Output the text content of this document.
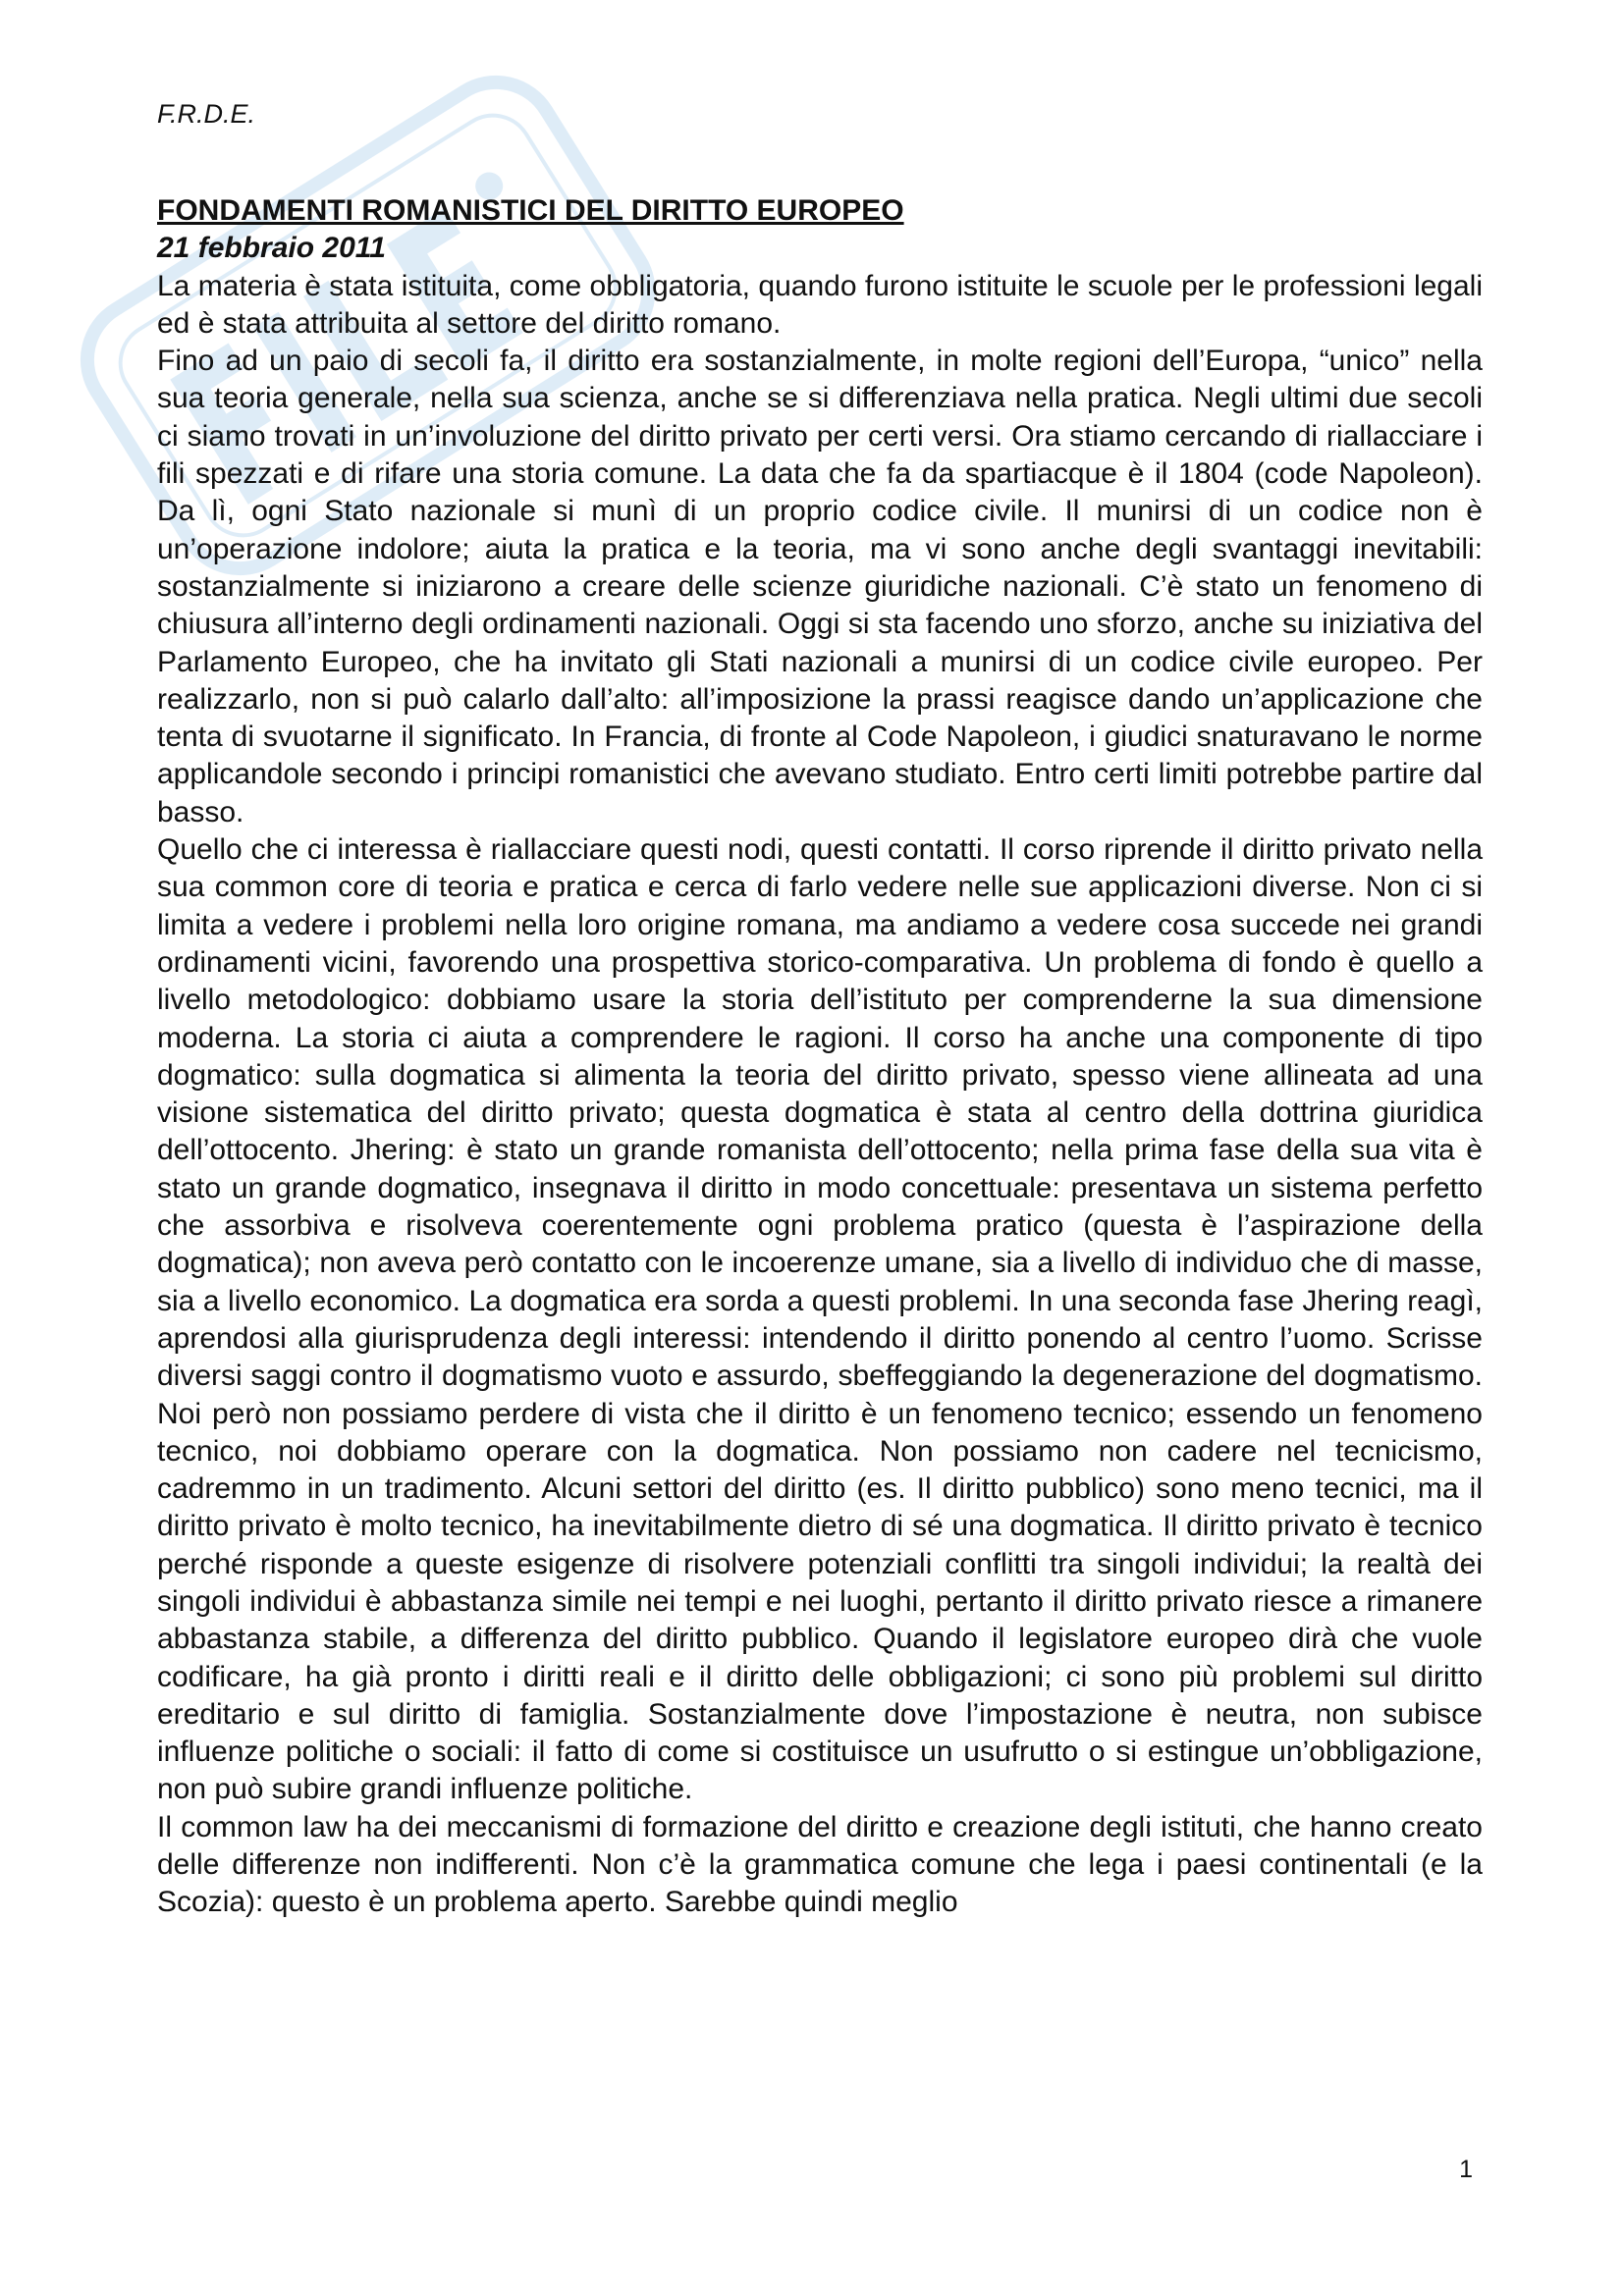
F.R.D.E.

FONDAMENTI ROMANISTICI DEL DIRITTO EUROPEO

21 febbraio 2011

La materia è stata istituita, come obbligatoria, quando furono istituite le scuole per le professioni legali ed è stata attribuita al settore del diritto romano.

Fino ad un paio di secoli fa, il diritto era sostanzialmente, in molte regioni dell’Europa, “unico” nella sua teoria generale, nella sua scienza, anche se si differenziava nella pratica. Negli ultimi due secoli ci siamo trovati in un’involuzione del diritto privato per certi versi. Ora stiamo cercando di riallacciare i fili spezzati e di rifare una storia comune. La data che fa da spartiacque è il 1804 (code Napoleon). Da lì, ogni Stato nazionale si munì di un proprio codice civile. Il munirsi di un codice non è un’operazione indolore; aiuta la pratica e la teoria, ma vi sono anche degli svantaggi inevitabili: sostanzialmente si iniziarono a creare delle scienze giuridiche nazionali. C’è stato un fenomeno di chiusura all’interno degli ordinamenti nazionali. Oggi si sta facendo uno sforzo, anche su iniziativa del Parlamento Europeo, che ha invitato gli Stati nazionali a munirsi di un codice civile europeo. Per realizzarlo, non si può calarlo dall’alto: all’imposizione la prassi reagisce dando un’applicazione che tenta di svuotarne il significato. In Francia, di fronte al Code Napoleon, i giudici snaturavano le norme applicandole secondo i principi romanistici che avevano studiato. Entro certi limiti potrebbe partire dal basso.

Quello che ci interessa è riallacciare questi nodi, questi contatti. Il corso riprende il diritto privato nella sua common core di teoria e pratica e cerca di farlo vedere nelle sue applicazioni diverse. Non ci si limita a vedere i problemi nella loro origine romana, ma andiamo a vedere cosa succede nei grandi ordinamenti vicini, favorendo una prospettiva storico-comparativa. Un problema di fondo è quello a livello metodologico: dobbiamo usare la storia dell’istituto per comprenderne la sua dimensione moderna. La storia ci aiuta a comprendere le ragioni. Il corso ha anche una componente di tipo dogmatico: sulla dogmatica si alimenta la teoria del diritto privato, spesso viene allineata ad una visione sistematica del diritto privato; questa dogmatica è stata al centro della dottrina giuridica dell’ottocento. Jhering: è stato un grande romanista dell’ottocento; nella prima fase della sua vita è stato un grande dogmatico, insegnava il diritto in modo concettuale: presentava un sistema perfetto che assorbiva e risolveva coerentemente ogni problema pratico (questa è l’aspirazione della dogmatica); non aveva però contatto con le incoerenze umane, sia a livello di individuo che di masse, sia a livello economico. La dogmatica era sorda a questi problemi. In una seconda fase Jhering reagì, aprendosi alla giurisprudenza degli interessi: intendendo il diritto ponendo al centro l’uomo. Scrisse diversi saggi contro il dogmatismo vuoto e assurdo, sbeffeggiando la degenerazione del dogmatismo. Noi però non possiamo perdere di vista che il diritto è un fenomeno tecnico; essendo un fenomeno tecnico, noi dobbiamo operare con la dogmatica. Non possiamo non cadere nel tecnicismo, cadremmo in un tradimento. Alcuni settori del diritto (es. Il diritto pubblico) sono meno tecnici, ma il diritto privato è molto tecnico, ha inevitabilmente dietro di sé una dogmatica. Il diritto privato è tecnico perché risponde a queste esigenze di risolvere potenziali conflitti tra singoli individui; la realtà dei singoli individui è abbastanza simile nei tempi e nei luoghi, pertanto il diritto privato riesce a rimanere abbastanza stabile, a differenza del diritto pubblico. Quando il legislatore europeo dirà che vuole codificare, ha già pronto i diritti reali e il diritto delle obbligazioni; ci sono più problemi sul diritto ereditario e sul diritto di famiglia. Sostanzialmente dove l’impostazione è neutra, non subisce influenze politiche o sociali: il fatto di come si costituisce un usufrutto o si estingue un’obbligazione, non può subire grandi influenze politiche.

Il common law ha dei meccanismi di formazione del diritto e creazione degli istituti, che hanno creato delle differenze non indifferenti. Non c’è la grammatica comune che lega i paesi continentali (e la Scozia): questo è un problema aperto. Sarebbe quindi meglio

1
